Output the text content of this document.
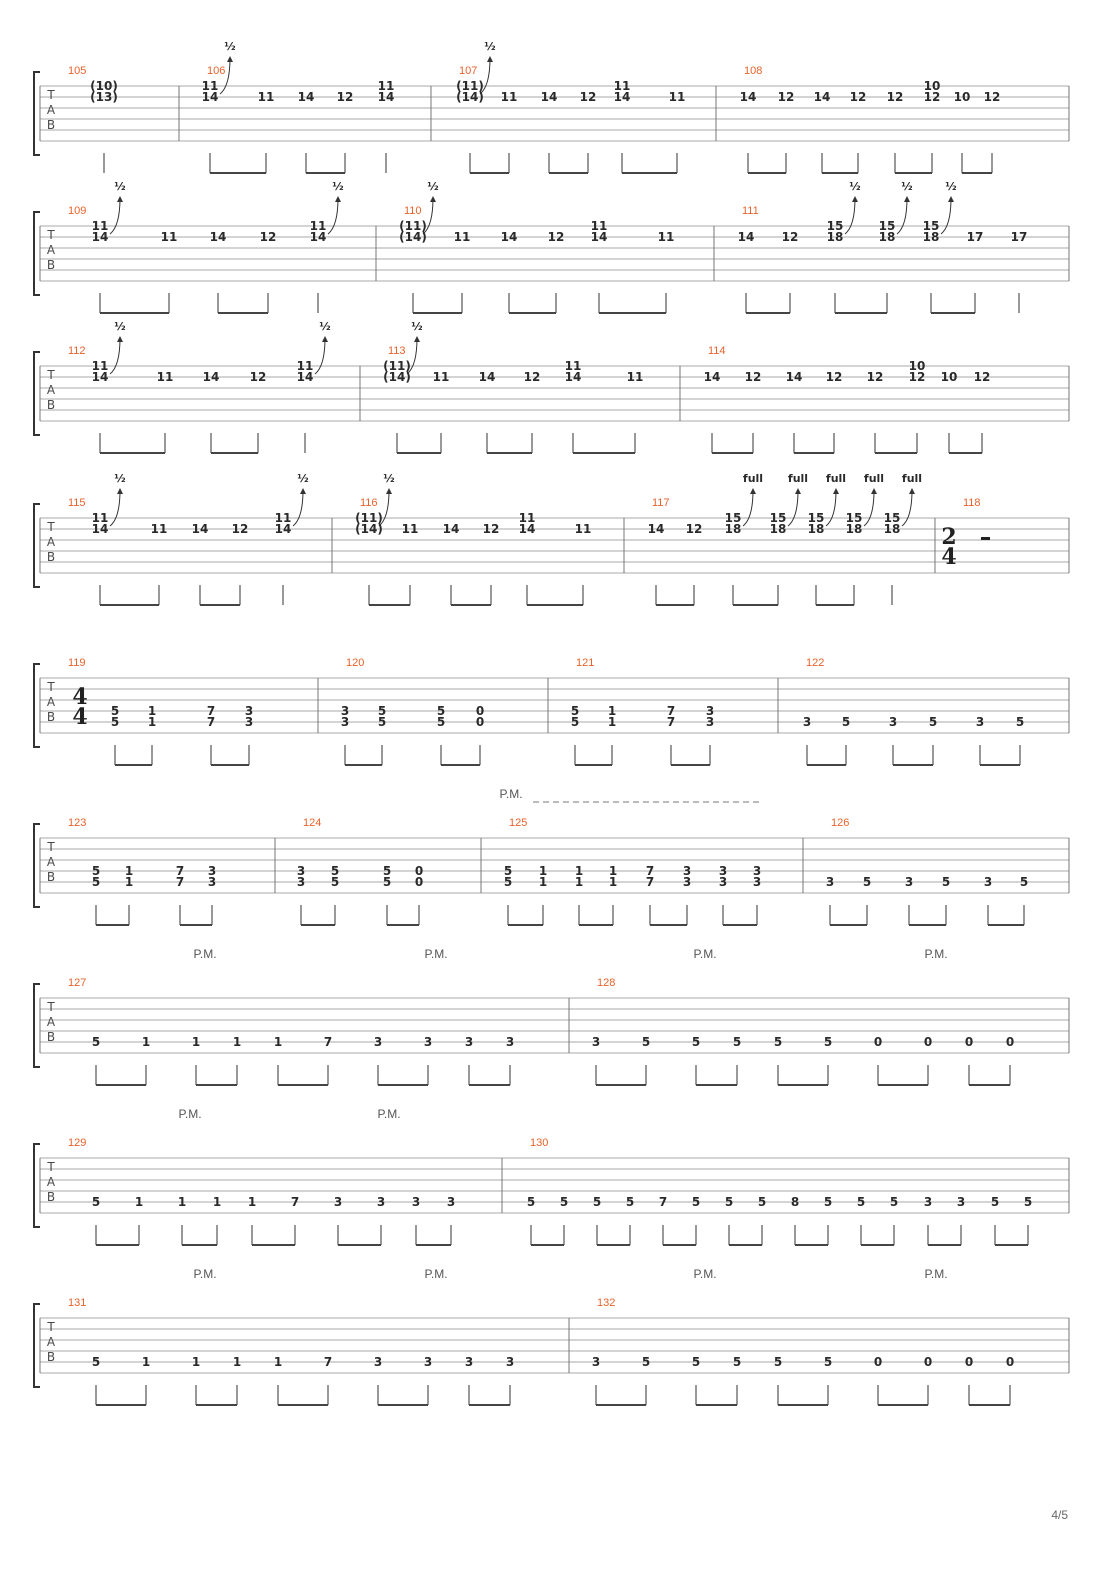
T
A
B
105
(10)
(13)
106
11
14	11 14 12
11
14
½
107
(11)
(14) 11 14 12
11
14	11
½
108
14 12 14 12 12
10
12 10 12
T
A
B
109
11
14	11	14	12
11
14
½	½
110
(11)
(14) 11	14	12
11
14	11
½
111
14 12
15
18
15
18
15
18 17 17
½	½	½
T
A
B
112
11
14	11 14	12
11
14
½	½
113
(11)
(14) 11 14 12
11
14	11
½
114
14 12 14 12 12
10
12 10 12
T
A
B
115
11
14	11 14 12
11
14
½	½
116
(11)
(14) 11 14 12
11
14	11
½
117
14 12
15
18
15
18
15
18
15
18
15
18
full full full full full
118
2
4
T
A
B
119
4
4 5
5
1
1
7
7
3
3
120
3
3
5
5
5
5
0
0
121
5
5
1
1
7
7
3
3
122
3	5	3	5	3	5
T
A
B
123
5
5
1
1
7
7
3
3
124
3
3
5
5
5
5
0
0
125
5
5
1
1
1
1
1
1
7
7
3
3
3
3
3
3
P.M.
126
3 5	3 5	3 5
T
A
B
127
5	1	1	1	1	7	3	3	3	3
128
3	5	5	5	5	5	0	0	0	0
P.M.	P.M.	P.M.	P.M.
T
A
B
129
5	1	1 1 1	7	3	3 3 3
130
5 5 5 5 7 5 5 5 8 5 5 5 3 3 5 5
P.M.	P.M.
T
A
B
131
5	1	1	1	1	7	3	3	3	3
132
3	5	5	5	5	5	0	0	0	0
P.M.	P.M.	P.M.	P.M.
4/5
